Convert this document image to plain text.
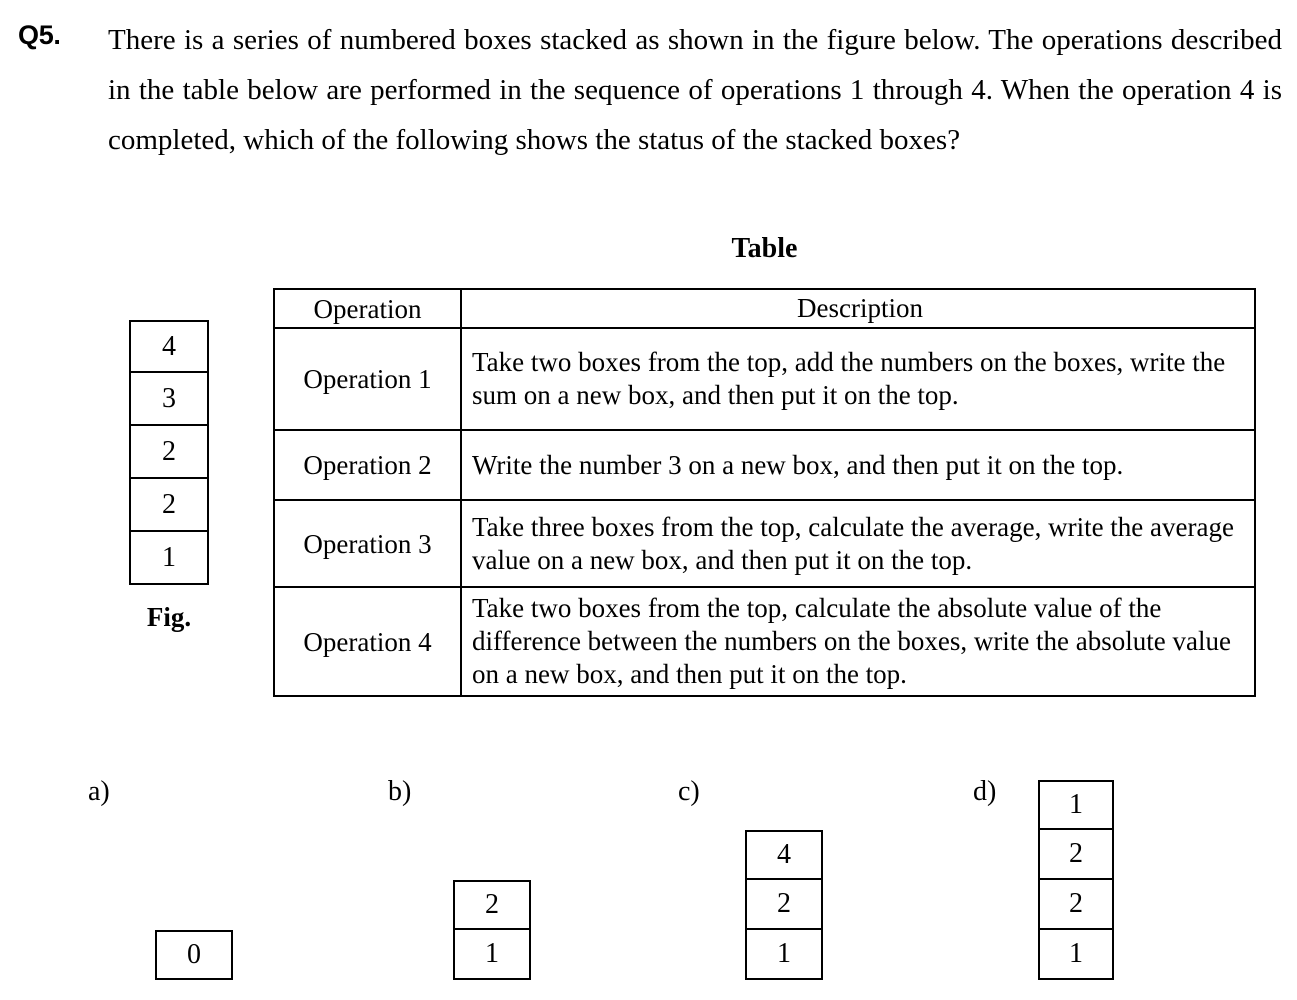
Q5. There is a series of numbered boxes stacked as shown in the figure below. The operations described in the table below are performed in the sequence of operations 1 through 4. When the operation 4 is completed, which of the following shows the status of the stacked boxes?
4
3
2
2
1
Fig.
Table
Operation	Description
Operation 1	Take two boxes from the top, add the numbers on the boxes, write the sum on a new box, and then put it on the top.
Operation 2	Write the number 3 on a new box, and then put it on the top.
Operation 3	Take three boxes from the top, calculate the average, write the average value on a new box, and then put it on the top.
Operation 4	Take two boxes from the top, calculate the absolute value of the difference between the numbers on the boxes, write the absolute value on a new box, and then put it on the top.
a)
0
b)
2
1
c)
4
2
1
d)	1
2
2
1
